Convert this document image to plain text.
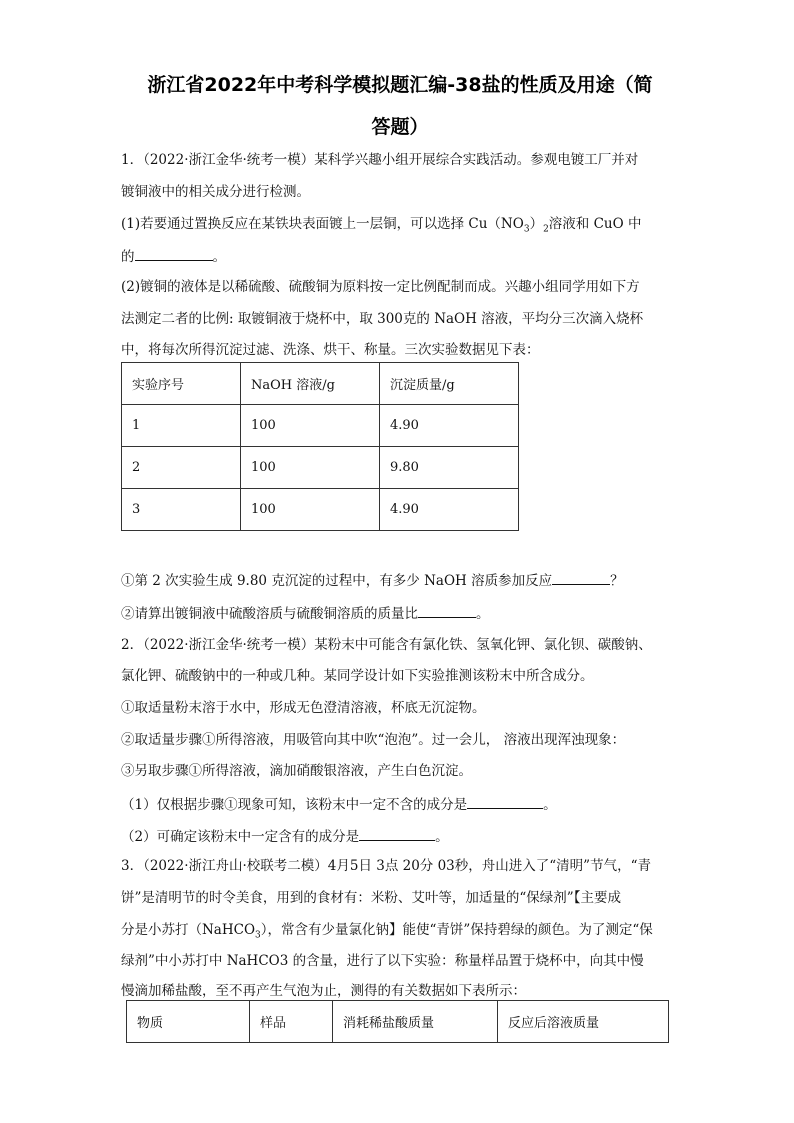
浙江省2022年中考科学模拟题汇编-38盐的性质及用途（简
答题）
1．（2022·浙江金华·统考一模）某科学兴趣小组开展综合实践活动。参观电镀工厂并对
镀铜液中的相关成分进行检测。
(1)若要通过置换反应在某铁块表面镀上一层铜，可以选择 $Cu(NO_3)_2$溶液和 CuO 中
的	。
(2)镀铜的液体是以稀硫酸、硫酸铜为原料按一定比例配制而成。兴趣小组同学用如下方
法测定二者的比例: 取镀铜液于烧杯中，取 300克的 NaOH 溶液，平均分三次滴入烧杯
中，将每次所得沉淀过滤、洗涤、烘干、称量。三次实验数据见下表：
实验序号	NaOH 溶液/g	沉淀质量/g
1	100	4.90
2	100	9.80
3	100	4.90
①第 2 次实验生成 9.80 克沉淀的过程中，有多少 NaOH 溶质参加反应	？
②请算出镀铜液中硫酸溶质与硫酸铜溶质的质量比	。
2．（2022·浙江金华·统考一模）某粉末中可能含有氯化铁、氢氧化钾、氯化钡、碳酸钠、
氯化钾、硫酸钠中的一种或几种。某同学设计如下实验推测该粉末中所含成分。
①取适量粉末溶于水中，形成无色澄清溶液，杯底无沉淀物。
②取适量步骤①所得溶液，用吸管向其中吹“泡泡”。过一会儿， 溶液出现浑浊现象：
③另取步骤①所得溶液，滴加硝酸银溶液，产生白色沉淀。
（1）仅根据步骤①现象可知，该粉末中一定不含的成分是	。
（2）可确定该粉末中一定含有的成分是	。
3．（2022·浙江舟山·校联考二模）4月5日 3点 20分 03秒，舟山进入了“清明”节气，“青
饼”是清明节的时令美食，用到的食材有：米粉、艾叶等，加适量的“保绿剂”【主要成
分是小苏打（NaHCO$_3$），常含有少量氯化钠】能使“青饼”保持碧绿的颜色。为了测定“保
绿剂”中小苏打中 NaHCO3 的含量，进行了以下实验：称量样品置于烧杯中，向其中慢
慢滴加稀盐酸，至不再产生气泡为止，测得的有关数据如下表所示：
物质	样品	消耗稀盐酸质量	反应后溶液质量
